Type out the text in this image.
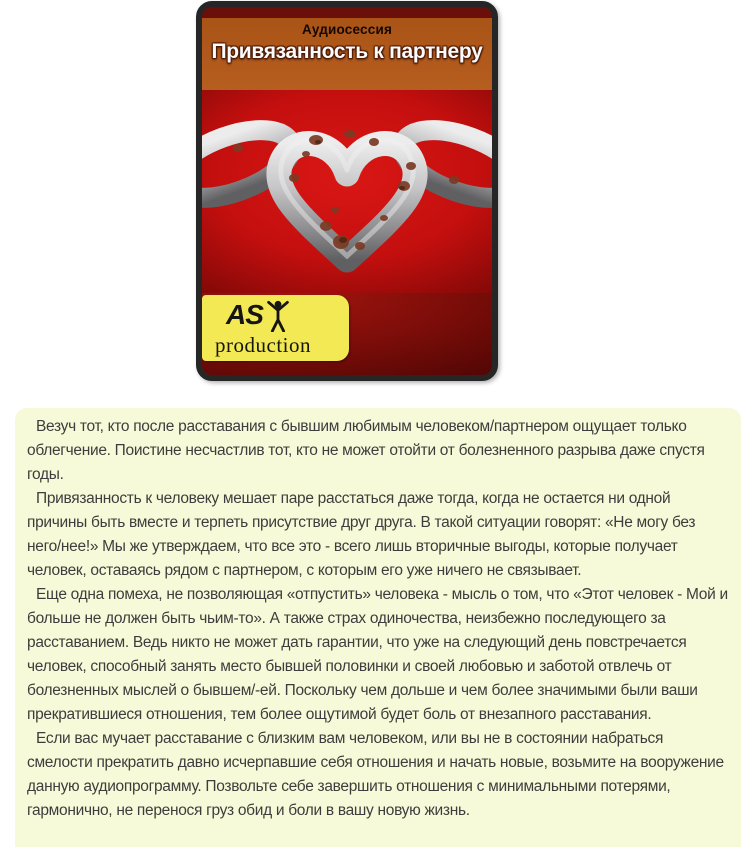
Аудиосессия
Привязанность к партнеру
AS
production

Везуч тот, кто после расставания с бывшим любимым человеком/партнером ощущает только облегчение. Поистине несчастлив тот, кто не может отойти от болезненного разрыва даже спустя годы.

Привязанность к человеку мешает паре расстаться даже тогда, когда не остается ни одной причины быть вместе и терпеть присутствие друг друга. В такой ситуации говорят: «Не могу без него/нее!» Мы же утверждаем, что все это - всего лишь вторичные выгоды, которые получает человек, оставаясь рядом с партнером, с которым его уже ничего не связывает.

Еще одна помеха, не позволяющая «отпустить» человека - мысль о том, что «Этот человек - Мой и больше не должен быть чьим-то». А также страх одиночества, неизбежно последующего за расставанием. Ведь никто не может дать гарантии, что уже на следующий день повстречается человек, способный занять место бывшей половинки и своей любовью и заботой отвлечь от болезненных мыслей о бывшем/-ей. Поскольку чем дольше и чем более значимыми были ваши прекратившиеся отношения, тем более ощутимой будет боль от внезапного расставания.

Если вас мучает расставание с близким вам человеком, или вы не в состоянии набраться смелости прекратить давно исчерпавшие себя отношения и начать новые, возьмите на вооружение данную аудиопрограмму. Позвольте себе завершить отношения с минимальными потерями, гармонично, не перенося груз обид и боли в вашу новую жизнь.
